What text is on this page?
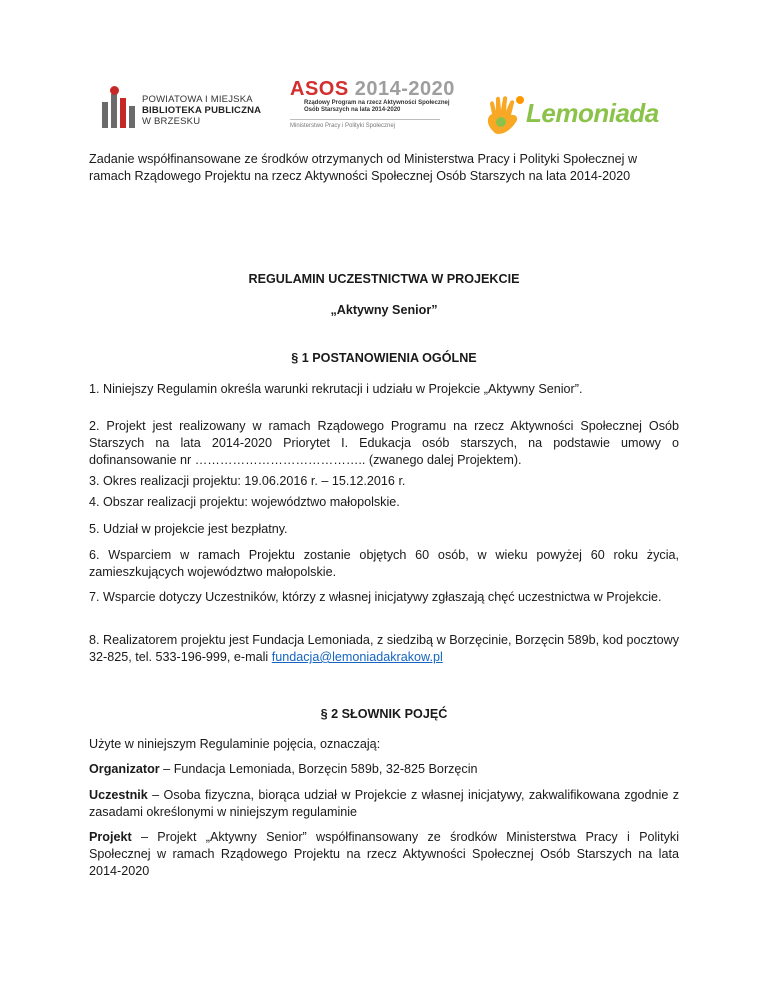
POWIATOWA I MIEJSKA
BIBLIOTEKA PUBLICZNA
W BRZESKU
ASOS 2014-2020
Rządowy Program na rzecz Aktywności Społecznej
Osób Starszych na lata 2014-2020
Ministerstwo Pracy i Polityki Społecznej	Lemoniada
Zadanie współfinansowane ze środków otrzymanych od Ministerstwa Pracy i Polityki Społecznej w ramach Rządowego Projektu na rzecz Aktywności Społecznej Osób Starszych na lata 2014-2020
REGULAMIN UCZESTNICTWA W PROJEKCIE
„Aktywny Senior”
§ 1 POSTANOWIENIA OGÓLNE
1. Niniejszy Regulamin określa warunki rekrutacji i udziału w Projekcie „Aktywny Senior”.
2. Projekt jest realizowany w ramach Rządowego Programu na rzecz Aktywności Społecznej Osób Starszych na lata 2014-2020 Priorytet I. Edukacja osób starszych, na podstawie umowy o dofinansowanie nr ………………………………….. (zwanego dalej Projektem).
3. Okres realizacji projektu: 19.06.2016 r. – 15.12.2016 r.
4. Obszar realizacji projektu: województwo małopolskie.
5. Udział w projekcie jest bezpłatny.
6. Wsparciem w ramach Projektu zostanie objętych 60 osób, w wieku powyżej 60 roku życia, zamieszkujących województwo małopolskie.
7. Wsparcie dotyczy Uczestników, którzy z własnej inicjatywy zgłaszają chęć uczestnictwa w Projekcie.
8. Realizatorem projektu jest Fundacja Lemoniada, z siedzibą w Borzęcinie, Borzęcin 589b, kod pocztowy 32-825, tel. 533-196-999, e-mali fundacja@lemoniadakrakow.pl
§ 2 SŁOWNIK POJĘĆ
Użyte w niniejszym Regulaminie pojęcia, oznaczają:
Organizator – Fundacja Lemoniada, Borzęcin 589b, 32-825 Borzęcin
Uczestnik – Osoba fizyczna, biorąca udział w Projekcie z własnej inicjatywy, zakwalifikowana zgodnie z zasadami określonymi w niniejszym regulaminie
Projekt – Projekt „Aktywny Senior” współfinansowany ze środków Ministerstwa Pracy i Polityki Społecznej w ramach Rządowego Projektu na rzecz Aktywności Społecznej Osób Starszych na lata 2014-2020
